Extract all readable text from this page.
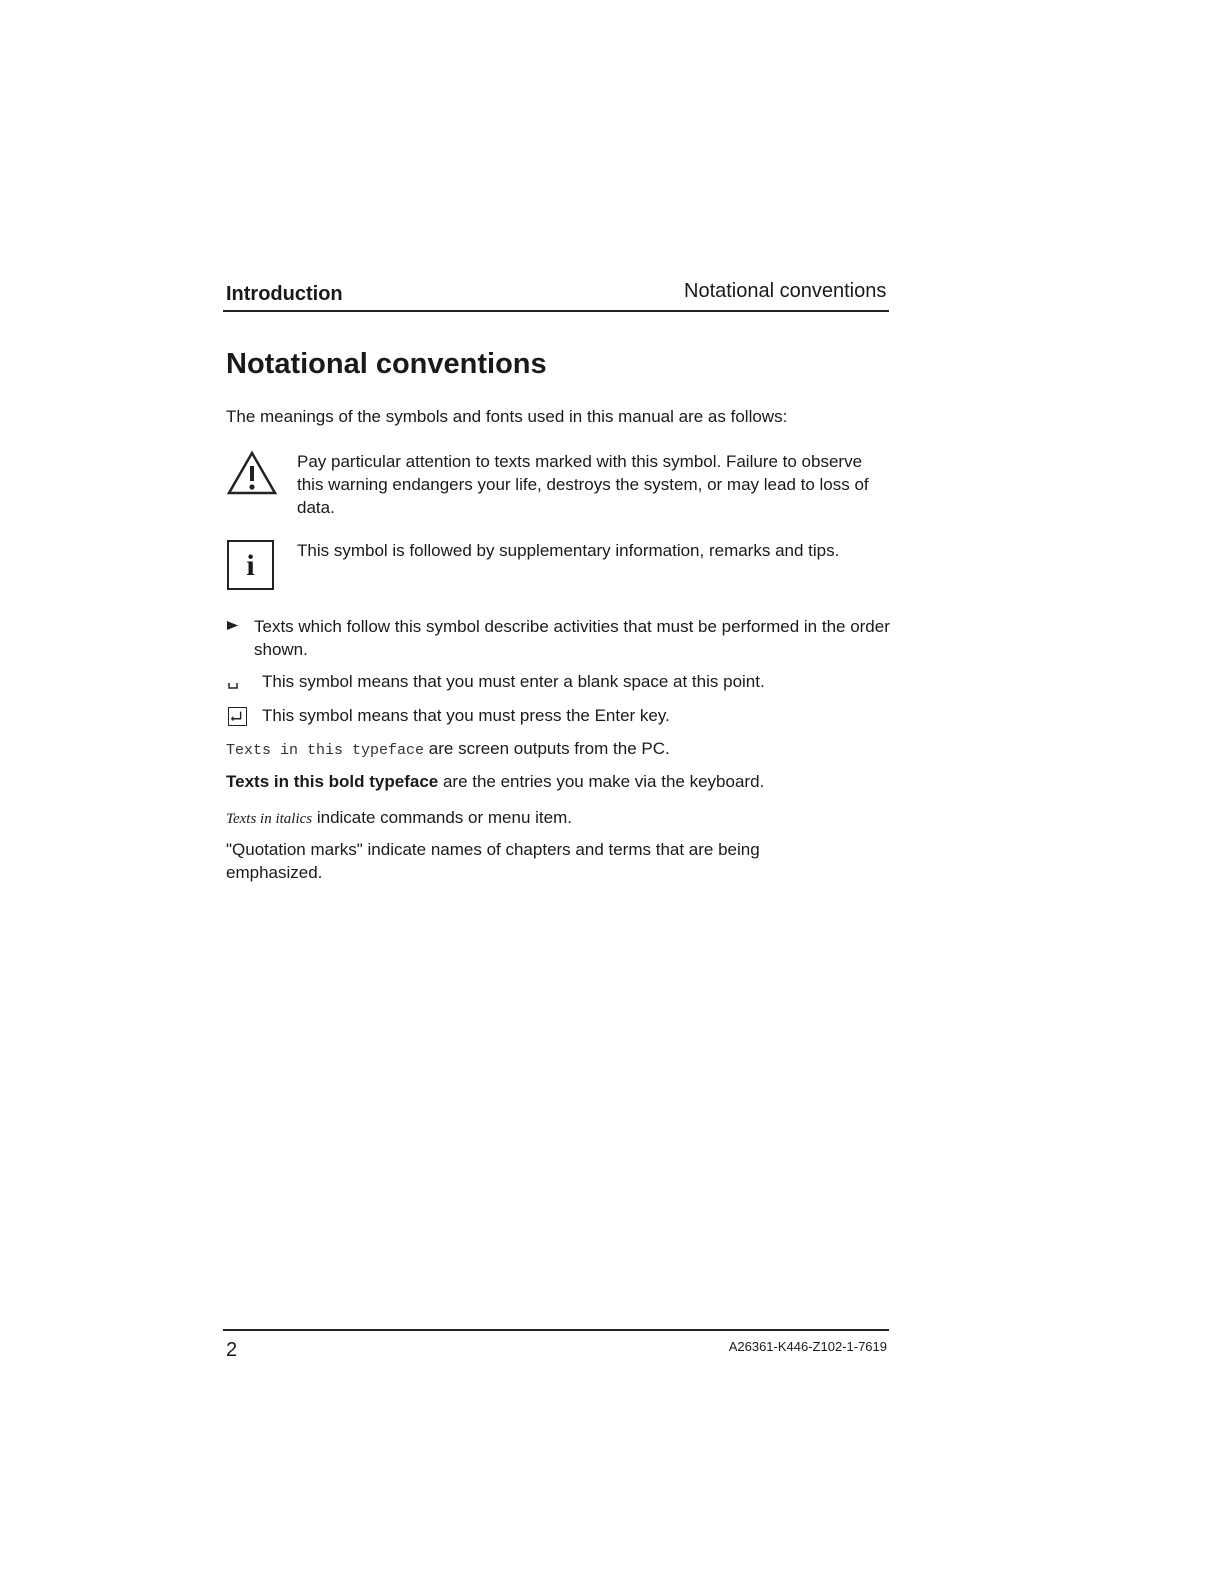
Introduction	Notational conventions
Notational conventions
The meanings of the symbols and fonts used in this manual are as follows:
Pay particular attention to texts marked with this symbol. Failure to observe this warning endangers your life, destroys the system, or may lead to loss of data.
i	This symbol is followed by supplementary information, remarks and tips.
Texts which follow this symbol describe activities that must be performed in the order shown.
This symbol means that you must enter a blank space at this point.
This symbol means that you must press the Enter key.
Texts in this typeface are screen outputs from the PC.
Texts in this bold typeface are the entries you make via the keyboard.
Texts in italics indicate commands or menu item.
"Quotation marks" indicate names of chapters and terms that are being emphasized.
2	A26361-K446-Z102-1-7619
